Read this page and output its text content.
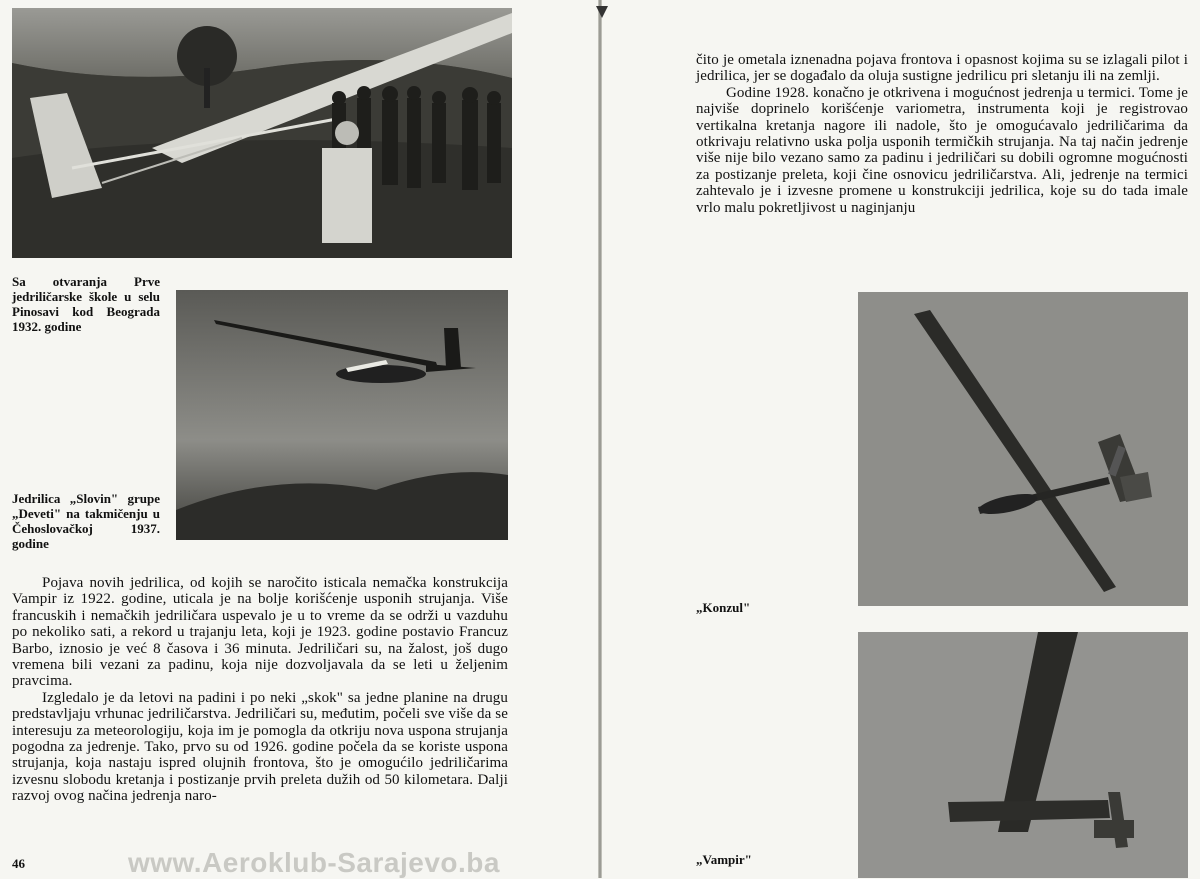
Sa otvaranja Prve jedriličarske škole u selu Pinosavi kod Beograda 1932. godine
Jedrilica „Slovin" grupe „Deveti" na takmičenju u Čehoslovačkoj 1937. godine

Pojava novih jedrilica, od kojih se naročito isticala nemačka konstrukcija Vampir iz 1922. godine, uticala je na bolje korišćenje usponih strujanja. Više francuskih i nemačkih jedriličara uspevalo je u to vreme da se održi u vazduhu po nekoliko sati, a rekord u trajanju leta, koji je 1923. godine postavio Francuz Barbo, iznosio je već 8 časova i 36 minuta. Jedriličari su, na žalost, još dugo vremena bili vezani za padinu, koja nije dozvoljavala da se leti u željenim pravcima.

Izgledalo je da letovi na padini i po neki „skok" sa jedne planine na drugu predstavljaju vrhunac jedriličarstva. Jedriličari su, međutim, počeli sve više da se interesuju za meteorologiju, koja im je pomogla da otkriju nova uspona strujanja pogodna za jedrenje. Tako, prvo su od 1926. godine počela da se koriste uspona strujanja, koja nastaju ispred olujnih frontova, što je omogućilo jedriličarima izvesnu slobodu kretanja i postizanje prvih preleta dužih od 50 kilometara. Dalji razvoj ovog načina jedrenja naro-

46

čito je ometala iznenadna pojava frontova i opasnost kojima su se izlagali pilot i jedrilica, jer se događalo da oluja sustigne jedrilicu pri sletanju ili na zemlji.

Godine 1928. konačno je otkrivena i mogućnost jedrenja u termici. Tome je najviše doprinelo korišćenje variometra, instrumenta koji je registrovao vertikalna kretanja nagore ili nadole, što je omogućavalo jedriličarima da otkrivaju relativno uska polja usponih termičkih strujanja. Na taj način jedrenje više nije bilo vezano samo za padinu i jedriličari su dobili ogromne mogućnosti za postizanje preleta, koji čine osnovicu jedriličarstva. Ali, jedrenje na termici zahtevalo je i izvesne promene u konstrukciji jedrilica, koje su do tada imale vrlo malu pokretljivost u naginjanju

„Konzul"
„Vampir"
www.Aeroklub-Sarajevo.ba
